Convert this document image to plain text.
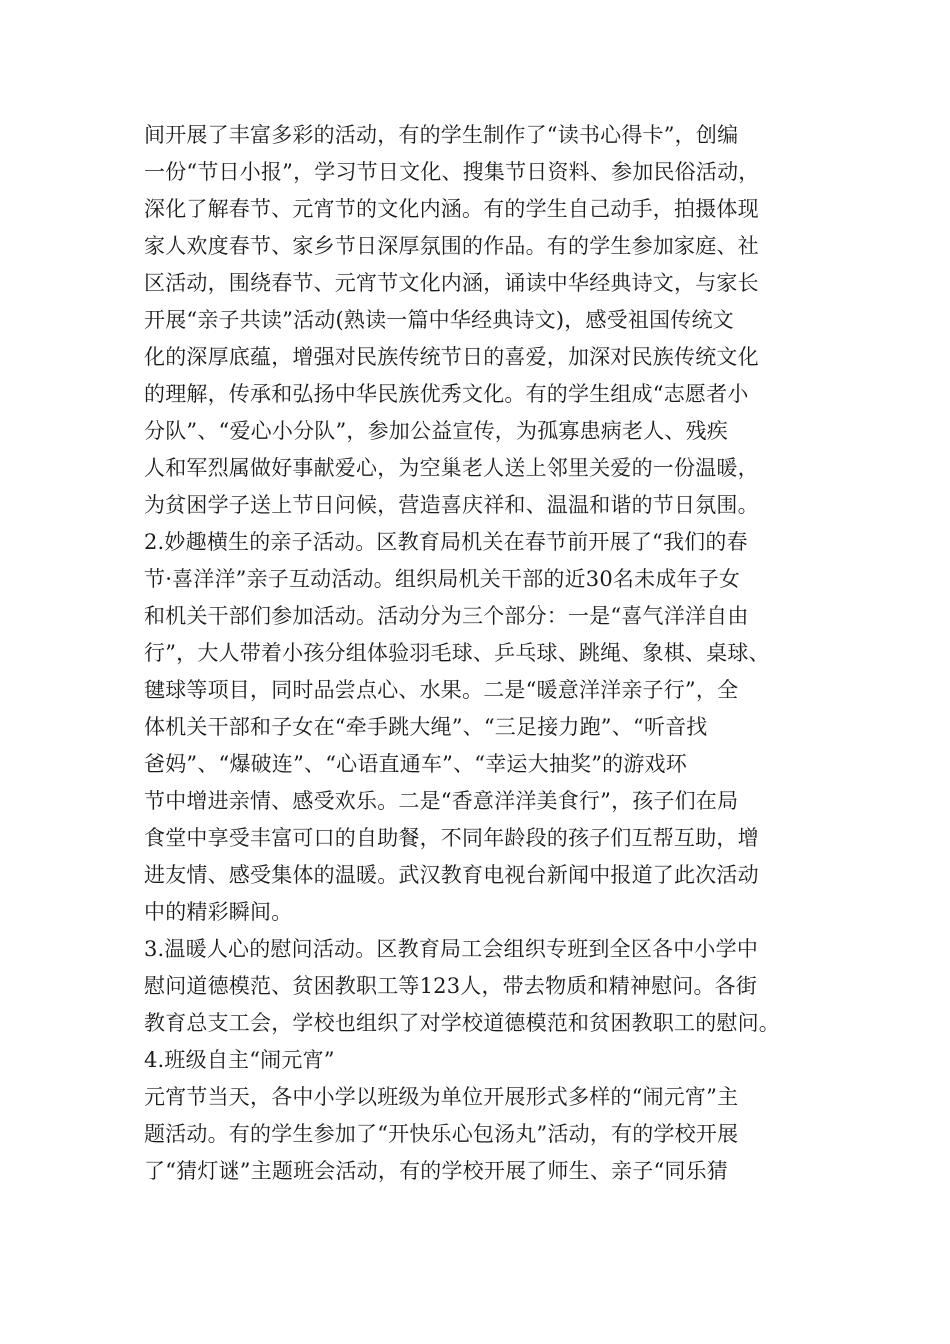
间开展了丰富多彩的活动，有的学生制作了“读书心得卡”，创编
一份“节日小报”，学习节日文化、搜集节日资料、参加民俗活动，
深化了解春节、元宵节的文化内涵。有的学生自己动手，拍摄体现
家人欢度春节、家乡节日深厚氛围的作品。有的学生参加家庭、社
区活动，围绕春节、元宵节文化内涵，诵读中华经典诗文，与家长
开展“亲子共读”活动(熟读一篇中华经典诗文)，感受祖国传统文
化的深厚底蕴，增强对民族传统节日的喜爱，加深对民族传统文化
的理解，传承和弘扬中华民族优秀文化。有的学生组成“志愿者小
分队”、“爱心小分队”，参加公益宣传，为孤寡患病老人、残疾
人和军烈属做好事献爱心，为空巢老人送上邻里关爱的一份温暖，
为贫困学子送上节日问候，营造喜庆祥和、温温和谐的节日氛围。
2.妙趣横生的亲子活动。区教育局机关在春节前开展了“我们的春
节·喜洋洋”亲子互动活动。组织局机关干部的近30名未成年子女
和机关干部们参加活动。活动分为三个部分：一是“喜气洋洋自由
行”，大人带着小孩分组体验羽毛球、乒乓球、跳绳、象棋、桌球、
毽球等项目，同时品尝点心、水果。二是“暖意洋洋亲子行”，全
体机关干部和子女在“牵手跳大绳”、“三足接力跑”、“听音找
爸妈”、“爆破连”、“心语直通车”、“幸运大抽奖”的游戏环
节中增进亲情、感受欢乐。二是“香意洋洋美食行”，孩子们在局
食堂中享受丰富可口的自助餐，不同年龄段的孩子们互帮互助，增
进友情、感受集体的温暖。武汉教育电视台新闻中报道了此次活动
中的精彩瞬间。
3.温暖人心的慰问活动。区教育局工会组织专班到全区各中小学中
慰问道德模范、贫困教职工等123人，带去物质和精神慰问。各街
教育总支工会，学校也组织了对学校道德模范和贫困教职工的慰问。
4.班级自主“闹元宵”
元宵节当天，各中小学以班级为单位开展形式多样的“闹元宵”主
题活动。有的学生参加了“开快乐心包汤丸”活动，有的学校开展
了“猜灯谜”主题班会活动，有的学校开展了师生、亲子“同乐猜
